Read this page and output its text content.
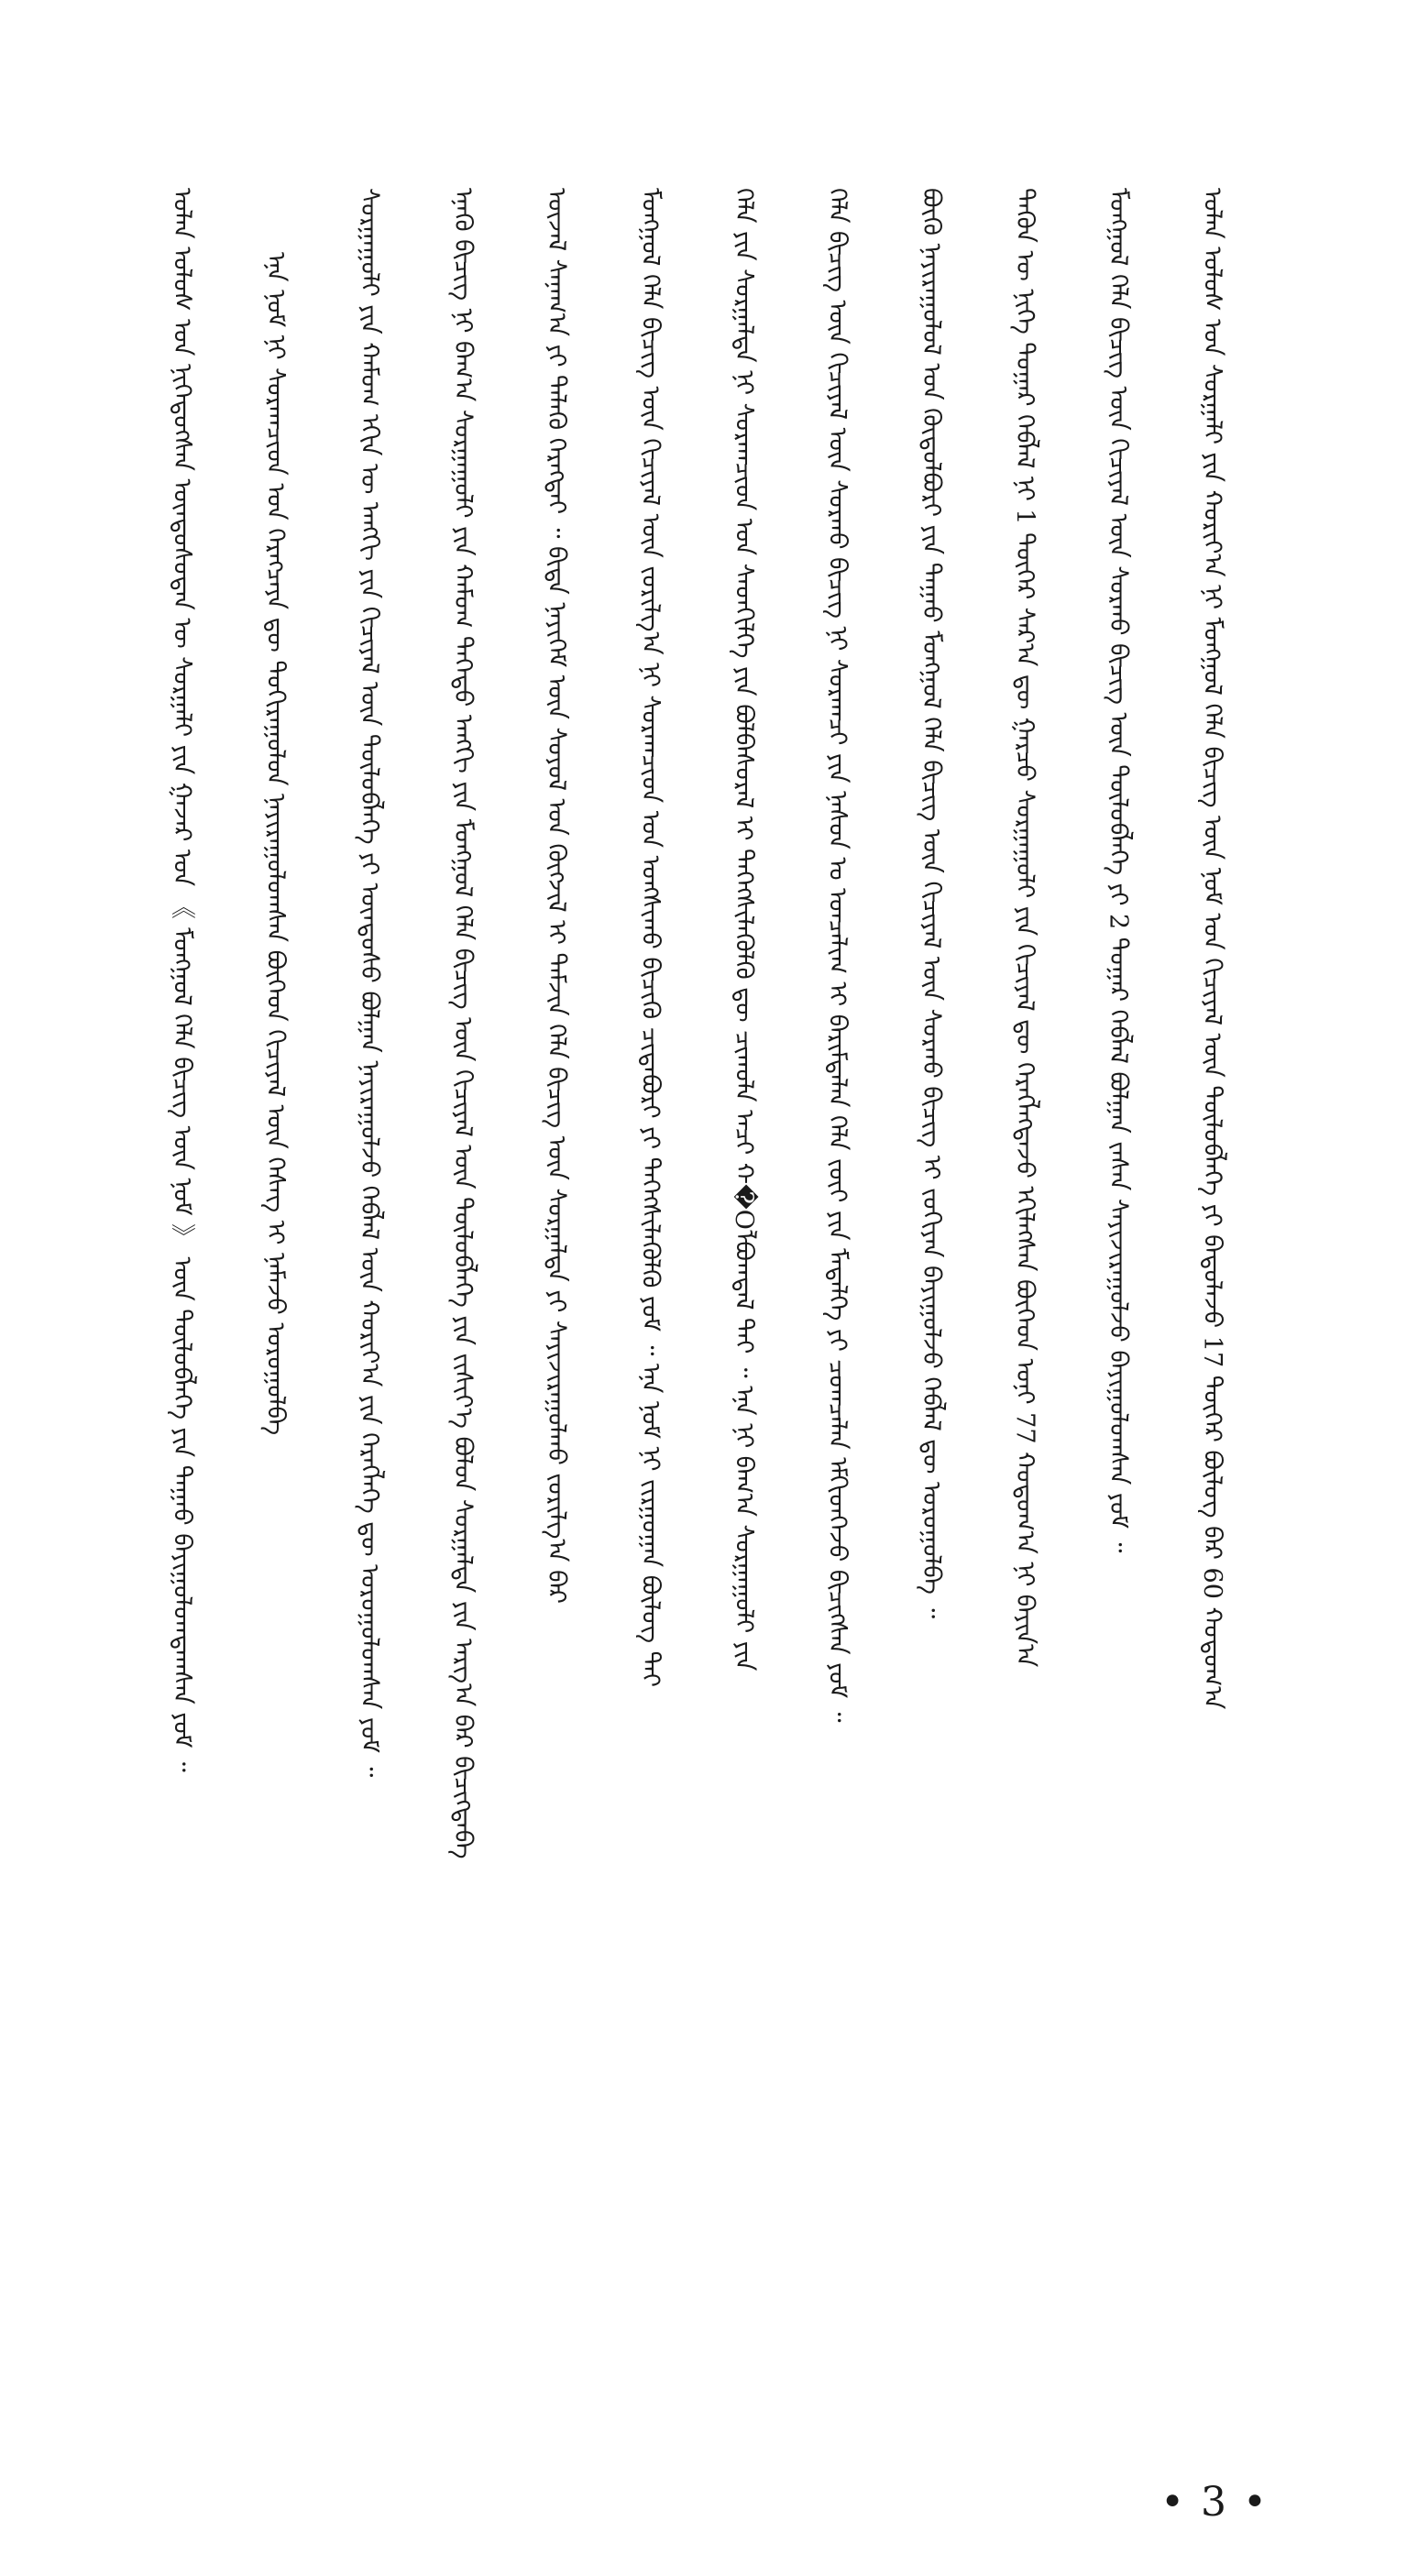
ᠣᠯᠠᠨ ᠤᠯᠤᠰ ᠤᠨ ᠨᠢᠭᠡᠳᠦᠭᠰᠡᠨ ᠦᠨᠳᠦᠰᠦᠲᠡᠨ ᠦ ᠰᠤᠷᠭᠠᠯᠢ ᠶᠢᠨ ᠭᠠᠵᠠᠷ ᠤᠨ 《 ᠮᠣᠩᠭᠤᠯ ᠬᠡᠯᠡ ᠪᠢᠴᠢᠭ ᠦᠨ ᠨᠣᠮ 》 ᠦᠨ ᠲᠥᠯᠦᠪᠯᠡᠭᠡ ᠶᠢᠨ ᠳᠠᠭᠠᠤ ᠪᠠᠶᠢᠭᠤᠯᠤᠭᠳᠠᠭᠰᠠᠨ ᠶᠤᠮ ᠃	ᠡᠨᠡ ᠨᠣᠮ ᠨᠢ ᠰᠤᠷᠠᠭᠴᠢᠳ ᠤᠨ ᠬᠡᠷᠡᠭᠴᠡᠶᠡ ᠳᠦ ᠲᠣᠬᠢᠷᠠᠭᠤᠯᠤᠨ ᠨᠠᠶᠢᠷᠠᠭᠤᠯᠤᠭᠰᠠᠨ ᠪᠥᠭᠡᠳ ᠬᠢᠴᠢᠶᠡᠯ ᠦᠨ ᠬᠡᠰᠡᠭ ᠢ ᠨᠡᠮᠡᠵᠦ ᠣᠷᠤᠭᠤᠯᠪᠠ	ᠰᠤᠷᠭᠠᠭᠤᠯᠢ ᠶᠢᠨ ᠬᠠᠮᠤᠭ ᠡᠬᠢᠨ ᠦ ᠠᠩᠭᠢ ᠶᠢᠨ ᠬᠢᠴᠢᠶᠡᠯ ᠦᠨ ᠲᠥᠯᠦᠪᠯᠡᠭᠡ ᠶᠢ ᠦᠨᠳᠦᠰᠦ ᠪᠣᠯᠭᠠᠨ ᠨᠠᠶᠢᠷᠠᠭᠤᠯᠵᠤ ᠬᠡᠪᠯᠡᠯ ᠦᠨ ᠬᠣᠷᠢᠶ᠎ᠠ ᠶᠢᠨ ᠬᠡᠷᠡᠭᠯᠡᠭᠡ ᠳᠦ ᠣᠷᠣᠭᠤᠯᠤᠭᠰᠠᠨ ᠶᠤᠮ ᠃	ᠡᠨᠡᠬᠦ ᠪᠢᠴᠢᠭ ᠨᠢ ᠪᠠᠭ᠎ᠠ ᠰᠤᠷᠭᠠᠭᠤᠯᠢ ᠶᠢᠨ ᠬᠠᠮᠤᠭ ᠳᠡᠭᠡᠳᠦ ᠠᠩᠭᠢ ᠶᠢᠨ ᠮᠣᠩᠭᠤᠯ ᠬᠡᠯᠡ ᠪᠢᠴᠢᠭ ᠦᠨ ᠬᠢᠴᠢᠶᠡᠯ ᠦᠨ ᠲᠥᠯᠦᠪᠯᠡᠭᠡ ᠶᠢᠨ ᠵᠢᠱᠢᠶ᠎ᠡ ᠪᠣᠯᠤᠨ ᠰᠤᠷᠭᠠᠯᠲᠠ ᠶᠢᠨ ᠠᠷᠭ᠎ᠠ ᠪᠠᠷ ᠪᠢᠴᠢᠭᠳᠡᠪᠡ	ᠦᠵᠡᠯ ᠰᠠᠨᠠᠭ᠎ᠠ ᠶᠢ ᠲᠡᠯᠡᠬᠦ ᠬᠡᠷᠡᠭᠲᠡᠶ ᠃ ᠪᠢᠳᠡ ᠨᠡᠶᠢᠭᠡᠮ ᠦᠨ ᠰᠣᠶᠣᠯ ᠤᠨ ᠬᠥᠭᠵᠢᠯ ᠢ ᠳᠡᠮᠵᠢᠨ ᠬᠡᠯᠡ ᠪᠢᠴᠢᠭ ᠦᠨ ᠰᠤᠷᠭᠠᠯᠲᠠ ᠶᠢ ᠰᠠᠶᠢᠵᠢᠷᠠᠭᠤᠯᠬᠤ ᠵᠣᠷᠢᠯᠭ᠎ᠠ ᠪᠠᠷ	ᠮᠣᠩᠭᠤᠯ ᠬᠡᠯᠡ ᠪᠢᠴᠢᠭ ᠦᠨ ᠬᠢᠴᠢᠶᠡᠯ ᠦᠨ ᠵᠣᠷᠢᠯᠭ᠎ᠠ ᠨᠢ ᠰᠤᠷᠠᠭᠴᠢᠳ ᠤᠨ ᠤᠩᠰᠢᠬᠤ ᠪᠢᠴᠢᠬᠦ ᠴᠢᠳᠠᠪᠤᠷᠢ ᠶᠢ ᠳᠡᠭᠡᠭᠰᠢᠯᠡᠭᠦᠯᠬᠦ ᠶᠤᠮ ᠃ ᠡᠨᠡ ᠨᠣᠮ ᠨᠢ ᠵᠢᠷᠭᠤᠭᠠᠨ ᠪᠦᠯᠦᠭ ᠲᠡᠢ	ᠬᠡᠯᠡ ᠶᠢᠨ ᠰᠤᠷᠭᠠᠯᠲᠠ ᠨᠢ ᠰᠤᠷᠠᠭᠴᠢᠳ ᠤᠨ ᠰᠡᠳᠬᠢᠯᠭᠡ ᠶᠢᠨ ᠪᠣᠯᠪᠠᠰᠤᠷᠠᠯ ᠢ ᠳᠡᠭᠡᠭᠰᠢᠯᠡᠭᠦᠯᠬᠦ ᠳᠦ ᠴᠢᠬᠤᠯᠠ ᠠᠴᠢ ᠬ�O᠋ᠯᠪᠣᠭᠳᠠᠯ ᠲᠠᠢ ᠃ ᠡᠨᠡ ᠨᠢ ᠪᠠᠭ᠎ᠠ ᠰᠤᠷᠭᠠᠭᠤᠯᠢ ᠶᠢᠨ	ᠬᠡᠯᠡ ᠪᠢᠴᠢᠭ ᠦᠨ ᠬᠢᠴᠢᠶᠡᠯ ᠦᠨ ᠰᠤᠷᠬᠤ ᠪᠢᠴᠢᠭ ᠨᠢ ᠰᠤᠷᠠᠭᠴᠢ ᠶᠢᠨ ᠨᠠᠰᠤᠨ ᠤ ᠣᠨᠴᠠᠯᠢᠭ ᠢ ᠪᠠᠷᠢᠮᠲᠠᠯᠠᠨ ᠬᠡᠯᠡ ᠵᠦᠢ ᠶᠢᠨ ᠮᠡᠳᠡᠯᠭᠡ ᠶᠢ ᠴᠣᠭᠴᠠᠯᠠᠨ ᠡᠮᠬᠢᠳᠬᠡᠵᠦ ᠪᠢᠴᠢᠭᠰᠡᠨ ᠶᠤᠮ ᠃	ᠪᠦᠬᠦ ᠨᠠᠶᠢᠷᠠᠭᠤᠯᠤᠯ ᠤᠨ ᠬᠥᠲᠥᠯᠪᠦᠷᠢ ᠶᠢᠨ ᠳᠠᠭᠠᠤ ᠮᠣᠩᠭᠤᠯ ᠬᠡᠯᠡ ᠪᠢᠴᠢᠭ ᠦᠨ ᠬᠢᠴᠢᠶᠡᠯ ᠦᠨ ᠰᠤᠷᠬᠤ ᠪᠢᠴᠢᠭ ᠢ ᠵᠣᠬᠢᠶᠠᠨ ᠪᠠᠶᠢᠭᠤᠯᠵᠤ ᠬᠡᠪᠯᠡᠯ ᠳᠦ ᠣᠷᠣᠭᠤᠯᠪᠠ ᠃	ᠲᠡᠭᠦᠨ ᠦ ᠨᠢᠭᠡ ᠳᠤᠭᠠᠷ ᠬᠡᠪᠯᠡᠯ ᠨᠢ 1 ᠳᠦᠭᠡᠷ ᠰᠠᠷ᠎ᠠ ᠳᠦ ᠭᠠᠷᠴᠤ ᠰᠤᠷᠭᠠᠭᠤᠯᠢ ᠶᠢᠨ ᠬᠢᠴᠢᠶᠡᠯ ᠳᠦ ᠬᠡᠷᠡᠭᠯᠡᠭᠳᠡᠵᠦ ᠡᠬᠢᠯᠡᠭᠰᠡᠨ ᠪᠥᠭᠡᠳ ᠤᠨᠢ 77 ᠬᠤᠳᠤᠭ᠎ᠠ ᠨᠢ ᠪᠠᠶᠢᠨ᠎ᠠ	ᠮᠣᠩᠭᠤᠯ ᠬᠡᠯᠡ ᠪᠢᠴᠢᠭ ᠦᠨ ᠬᠢᠴᠢᠶᠡᠯ ᠦᠨ ᠰᠤᠷᠬᠤ ᠪᠢᠴᠢᠭ ᠦᠨ ᠲᠥᠯᠦᠪᠯᠡᠭᠡ ᠶᠢ 2 ᠳᠤᠭᠠᠷ ᠬᠡᠪᠯᠡᠯ ᠪᠣᠯᠭᠠᠨ ᠵᠠᠰᠠᠨ ᠰᠠᠶᠢᠵᠢᠷᠠᠭᠤᠯᠵᠤ ᠪᠠᠶᠢᠭᠤᠯᠤᠭᠰᠠᠨ ᠶᠤᠮ ᠃	ᠣᠯᠠᠨ ᠤᠯᠤᠰ ᠤᠨ ᠰᠤᠷᠭᠠᠯᠢ ᠶᠢᠨ ᠬᠣᠷᠢᠶ᠎ᠠ ᠨᠢ ᠮᠣᠩᠭᠤᠯ ᠬᠡᠯᠡ ᠪᠢᠴᠢᠭ ᠦᠨ ᠨᠣᠮ ᠤᠨ ᠬᠢᠴᠢᠶᠡᠯ ᠦᠨ ᠲᠥᠯᠦᠪᠯᠡᠭᠡ ᠶᠢ ᠪᠠᠲᠤᠯᠠᠵᠤ 17 ᠳᠦᠭᠡᠷ ᠪᠦᠯᠦᠭ ᠪᠡᠷ 60 ᠬᠤᠳᠤᠭ᠎ᠠ
• 3 •
